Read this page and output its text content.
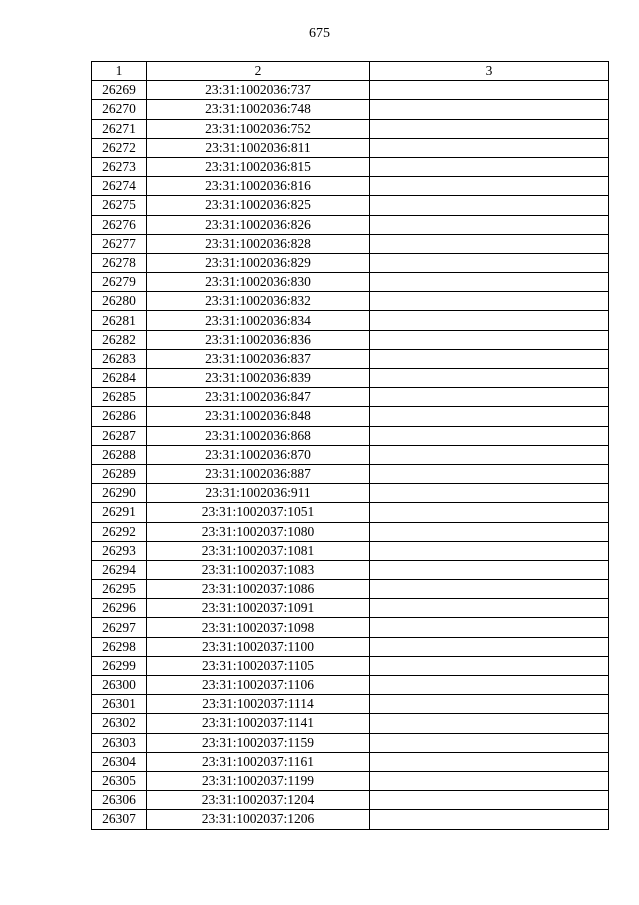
675
1	2	3
26269	23:31:1002036:737	
26270	23:31:1002036:748	
26271	23:31:1002036:752	
26272	23:31:1002036:811	
26273	23:31:1002036:815	
26274	23:31:1002036:816	
26275	23:31:1002036:825	
26276	23:31:1002036:826	
26277	23:31:1002036:828	
26278	23:31:1002036:829	
26279	23:31:1002036:830	
26280	23:31:1002036:832	
26281	23:31:1002036:834	
26282	23:31:1002036:836	
26283	23:31:1002036:837	
26284	23:31:1002036:839	
26285	23:31:1002036:847	
26286	23:31:1002036:848	
26287	23:31:1002036:868	
26288	23:31:1002036:870	
26289	23:31:1002036:887	
26290	23:31:1002036:911	
26291	23:31:1002037:1051	
26292	23:31:1002037:1080	
26293	23:31:1002037:1081	
26294	23:31:1002037:1083	
26295	23:31:1002037:1086	
26296	23:31:1002037:1091	
26297	23:31:1002037:1098	
26298	23:31:1002037:1100	
26299	23:31:1002037:1105	
26300	23:31:1002037:1106	
26301	23:31:1002037:1114	
26302	23:31:1002037:1141	
26303	23:31:1002037:1159	
26304	23:31:1002037:1161	
26305	23:31:1002037:1199	
26306	23:31:1002037:1204	
26307	23:31:1002037:1206	
